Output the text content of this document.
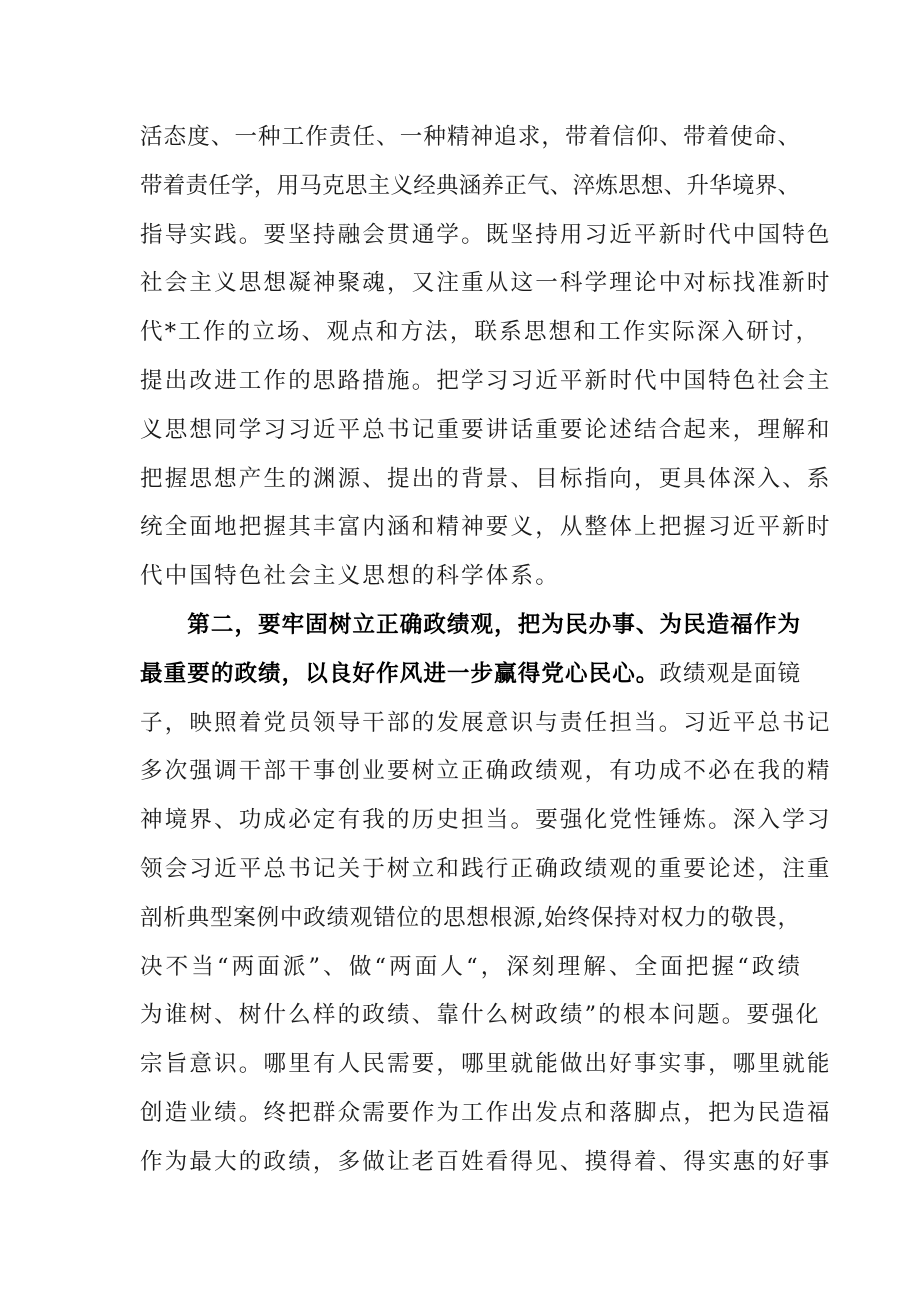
活态度、一种工作责任、一种精神追求，带着信仰、带着使命、
带着责任学，用马克思主义经典涵养正气、淬炼思想、升华境界、
指导实践。要坚持融会贯通学。既坚持用习近平新时代中国特色
社会主义思想凝神聚魂，又注重从这一科学理论中对标找准新时
代*工作的立场、观点和方法，联系思想和工作实际深入研讨，
提出改进工作的思路措施。把学习习近平新时代中国特色社会主
义思想同学习习近平总书记重要讲话重要论述结合起来，理解和
把握思想产生的渊源、提出的背景、目标指向，更具体深入、系
统全面地把握其丰富内涵和精神要义，从整体上把握习近平新时
代中国特色社会主义思想的科学体系。
　　第二，要牢固树立正确政绩观，把为民办事、为民造福作为
最重要的政绩，以良好作风进一步赢得党心民心。政绩观是面镜
子，映照着党员领导干部的发展意识与责任担当。习近平总书记
多次强调干部干事创业要树立正确政绩观，有功成不必在我的精
神境界、功成必定有我的历史担当。要强化党性锤炼。深入学习
领会习近平总书记关于树立和践行正确政绩观的重要论述，注重
剖析典型案例中政绩观错位的思想根源,始终保持对权力的敬畏，
决不当“两面派”、做“两面人“，深刻理解、全面把握“政绩
为谁树、树什么样的政绩、靠什么树政绩”的根本问题。要强化
宗旨意识。哪里有人民需要，哪里就能做出好事实事，哪里就能
创造业绩。终把群众需要作为工作出发点和落脚点，把为民造福
作为最大的政绩，多做让老百姓看得见、摸得着、得实惠的好事
